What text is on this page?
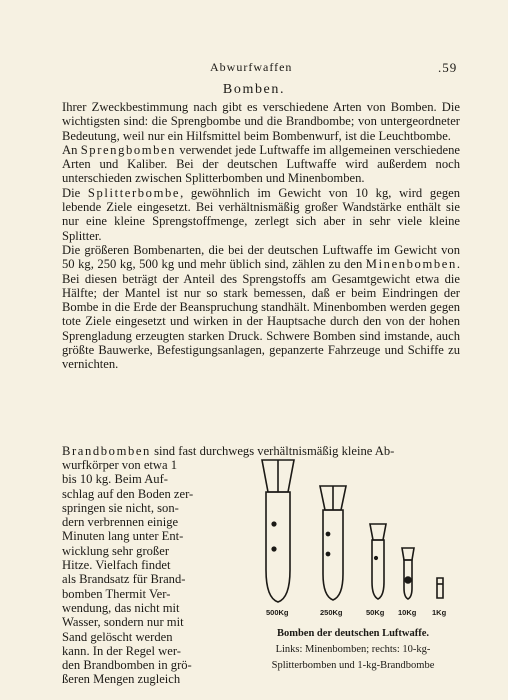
Abwurfwaffen	.59
Bomben.

Ihrer Zweckbestimmung nach gibt es verschiedene Arten von Bomben. Die wichtigsten sind: die Sprengbombe und die Brandbombe; von untergeordneter Bedeutung, weil nur ein Hilfsmittel beim Bombenwurf, ist die Leuchtbombe.

An Sprengbomben verwendet jede Luftwaffe im allgemeinen verschiedene Arten und Kaliber. Bei der deutschen Luftwaffe wird außerdem noch unterschieden zwischen Splitterbomben und Minenbomben.

Die Splitterbombe, gewöhnlich im Gewicht von 10 kg, wird gegen lebende Ziele eingesetzt. Bei verhältnismäßig großer Wandstärke enthält sie nur eine kleine Sprengstoffmenge, zerlegt sich aber in sehr viele kleine Splitter.

Die größeren Bombenarten, die bei der deutschen Luftwaffe im Gewicht von 50 kg, 250 kg, 500 kg und mehr üblich sind, zählen zu den Minenbomben. Bei diesen beträgt der Anteil des Sprengstoffs am Gesamtgewicht etwa die Hälfte; der Mantel ist nur so stark bemessen, daß er beim Eindringen der Bombe in die Erde der Beanspruchung standhält. Minenbomben werden gegen tote Ziele eingesetzt und wirken in der Hauptsache durch den von der hohen Sprengladung erzeugten starken Druck. Schwere Bomben sind imstande, auch größte Bauwerke, Befestigungsanlagen, gepanzerte Fahrzeuge und Schiffe zu vernichten.

Brandbomben sind fast durchwegs verhältnismäßig kleine Ab-
wurfkörper von etwa 1
bis 10 kg. Beim Auf-
schlag auf den Boden zer-
springen sie nicht, son-
dern verbrennen einige
Minuten lang unter Ent-
wicklung sehr großer
Hitze. Vielfach findet
als Brandsatz für Brand-
bomben Thermit Ver-
wendung, das nicht mit
Wasser, sondern nur mit
Sand gelöscht werden
kann. In der Regel wer-
den Brandbomben in grö-
ßeren Mengen zugleich
500Kg	250Kg	50Kg 10Kg 1Kg
Bomben der deutschen Luftwaffe.
Links: Minenbomben; rechts: 10-kg-Splitterbomben und 1-kg-Brandbombe
